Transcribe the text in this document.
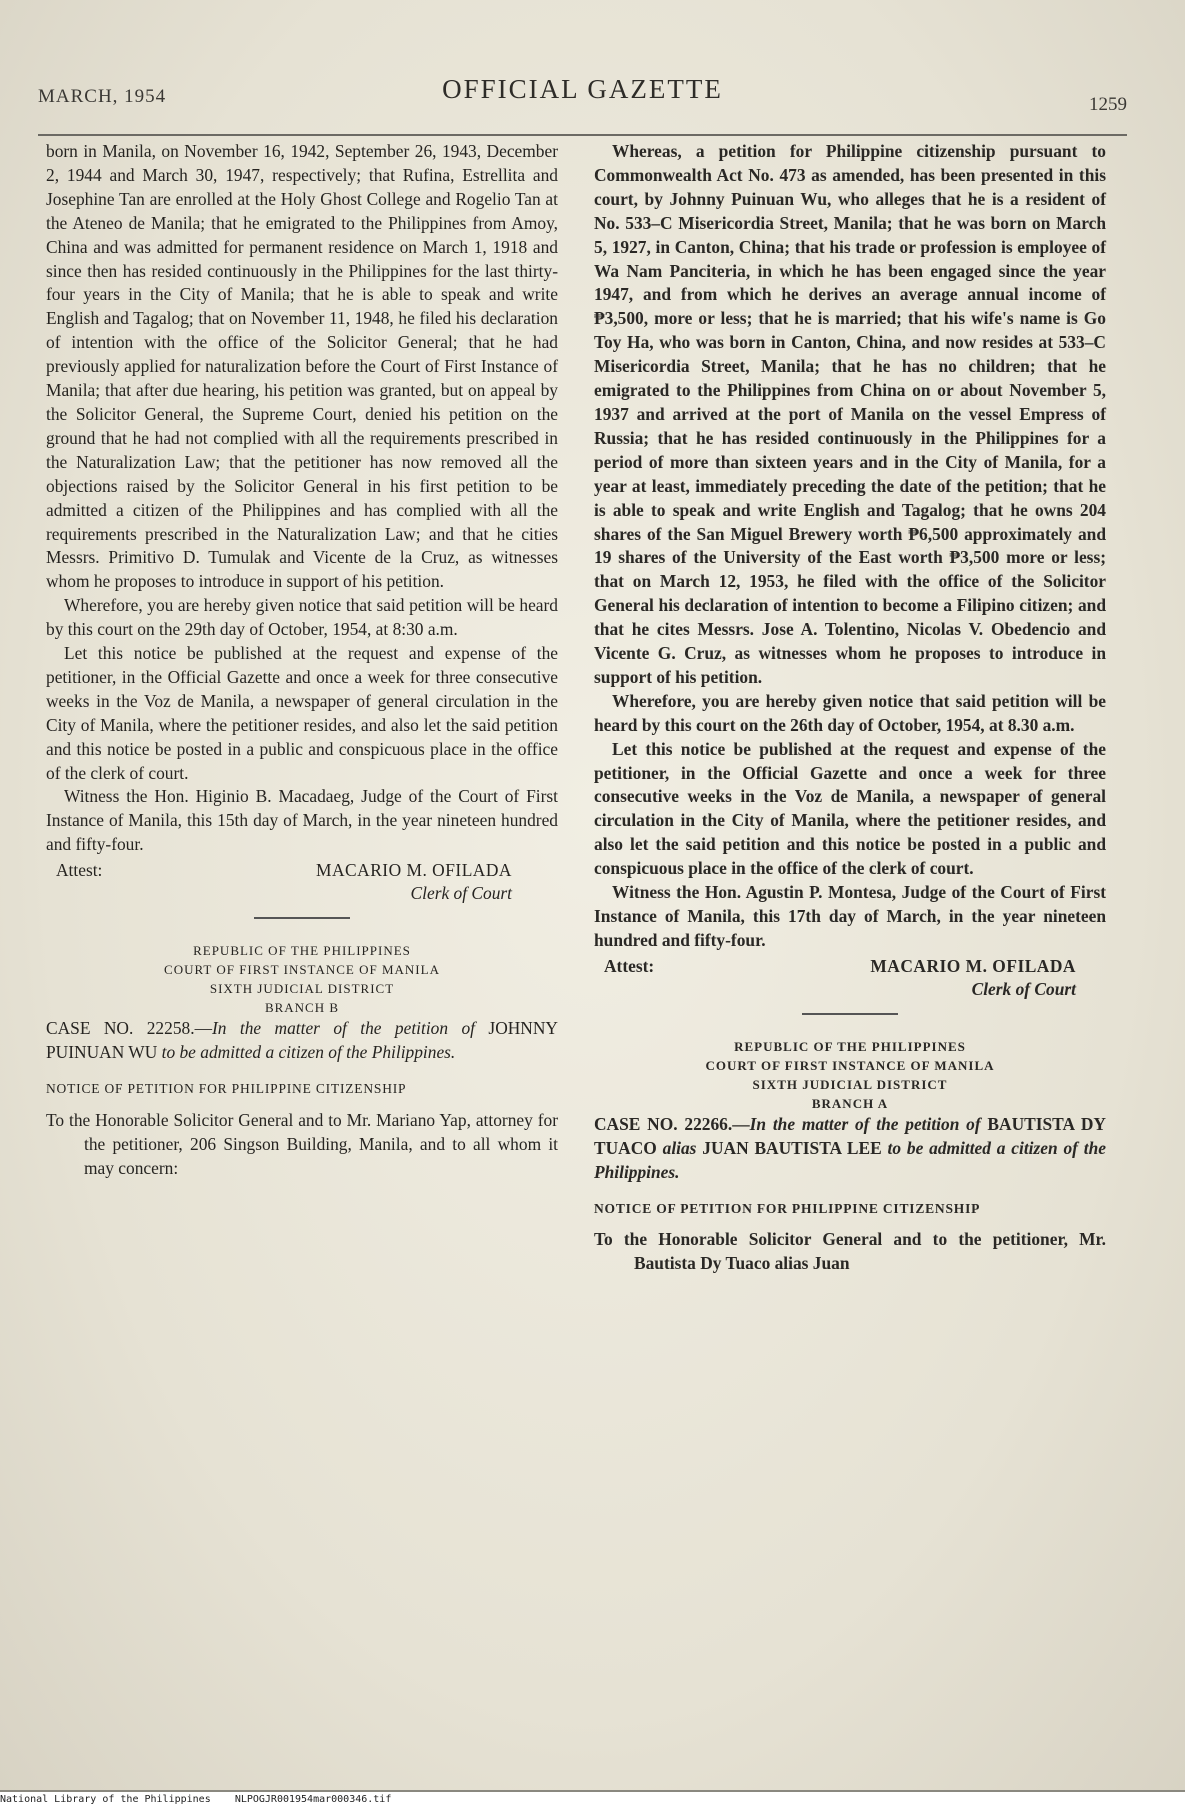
MARCH, 1954	OFFICIAL GAZETTE
1259

born in Manila, on November 16, 1942, September 26, 1943, December 2, 1944 and March 30, 1947, respectively; that Rufina, Estrellita and Josephine Tan are enrolled at the Holy Ghost College and Rogelio Tan at the Ateneo de Manila; that he emigrated to the Philippines from Amoy, China and was admitted for permanent residence on March 1, 1918 and since then has resided continuously in the Philippines for the last thirty-four years in the City of Manila; that he is able to speak and write English and Tagalog; that on November 11, 1948, he filed his declaration of intention with the office of the Solicitor General; that he had previously applied for naturalization before the Court of First Instance of Manila; that after due hearing, his petition was granted, but on appeal by the Solicitor General, the Supreme Court, denied his petition on the ground that he had not complied with all the requirements prescribed in the Naturalization Law; that the petitioner has now removed all the objections raised by the Solicitor General in his first petition to be admitted a citizen of the Philippines and has complied with all the requirements prescribed in the Naturalization Law; and that he cities Messrs. Primitivo D. Tumulak and Vicente de la Cruz, as witnesses whom he proposes to introduce in support of his petition.

Wherefore, you are hereby given notice that said petition will be heard by this court on the 29th day of October, 1954, at 8:30 a.m.

Let this notice be published at the request and expense of the petitioner, in the Official Gazette and once a week for three consecutive weeks in the Voz de Manila, a newspaper of general circulation in the City of Manila, where the petitioner resides, and also let the said petition and this notice be posted in a public and conspicuous place in the office of the clerk of court.

Witness the Hon. Higinio B. Macadaeg, Judge of the Court of First Instance of Manila, this 15th day of March, in the year nineteen hundred and fifty-four.

Attest:	MACARIO M. OFILADA
Clerk of Court
REPUBLIC OF THE PHILIPPINES
COURT OF FIRST INSTANCE OF MANILA
SIXTH JUDICIAL DISTRICT
BRANCH B

CASE NO. 22258.—In the matter of the petition of JOHNNY PUINUAN WU to be admitted a citizen of the Philippines.

NOTICE OF PETITION FOR PHILIPPINE CITIZENSHIP

To the Honorable Solicitor General and to Mr. Mariano Yap, attorney for the petitioner, 206 Singson Building, Manila, and to all whom it may concern:

Whereas, a petition for Philippine citizenship pursuant to Commonwealth Act No. 473 as amended, has been presented in this court, by Johnny Puinuan Wu, who alleges that he is a resident of No. 533–C Misericordia Street, Manila; that he was born on March 5, 1927, in Canton, China; that his trade or profession is employee of Wa Nam Panciteria, in which he has been engaged since the year 1947, and from which he derives an average annual income of ₱3,500, more or less; that he is married; that his wife's name is Go Toy Ha, who was born in Canton, China, and now resides at 533–C Misericordia Street, Manila; that he has no children; that he emigrated to the Philippines from China on or about November 5, 1937 and arrived at the port of Manila on the vessel Empress of Russia; that he has resided continuously in the Philippines for a period of more than sixteen years and in the City of Manila, for a year at least, immediately preceding the date of the petition; that he is able to speak and write English and Tagalog; that he owns 204 shares of the San Miguel Brewery worth ₱6,500 approximately and 19 shares of the University of the East worth ₱3,500 more or less; that on March 12, 1953, he filed with the office of the Solicitor General his declaration of intention to become a Filipino citizen; and that he cites Messrs. Jose A. Tolentino, Nicolas V. Obedencio and Vicente G. Cruz, as witnesses whom he proposes to introduce in support of his petition.

Wherefore, you are hereby given notice that said petition will be heard by this court on the 26th day of October, 1954, at 8.30 a.m.

Let this notice be published at the request and expense of the petitioner, in the Official Gazette and once a week for three consecutive weeks in the Voz de Manila, a newspaper of general circulation in the City of Manila, where the petitioner resides, and also let the said petition and this notice be posted in a public and conspicuous place in the office of the clerk of court.

Witness the Hon. Agustin P. Montesa, Judge of the Court of First Instance of Manila, this 17th day of March, in the year nineteen hundred and fifty-four.

Attest:	MACARIO M. OFILADA
Clerk of Court
REPUBLIC OF THE PHILIPPINES
COURT OF FIRST INSTANCE OF MANILA
SIXTH JUDICIAL DISTRICT
BRANCH A

CASE NO. 22266.—In the matter of the petition of BAUTISTA DY TUACO alias JUAN BAUTISTA LEE to be admitted a citizen of the Philippines.

NOTICE OF PETITION FOR PHILIPPINE CITIZENSHIP

To the Honorable Solicitor General and to the petitioner, Mr. Bautista Dy Tuaco alias Juan

National Library of the Philippines NLPOGJR001954mar000346.tif
